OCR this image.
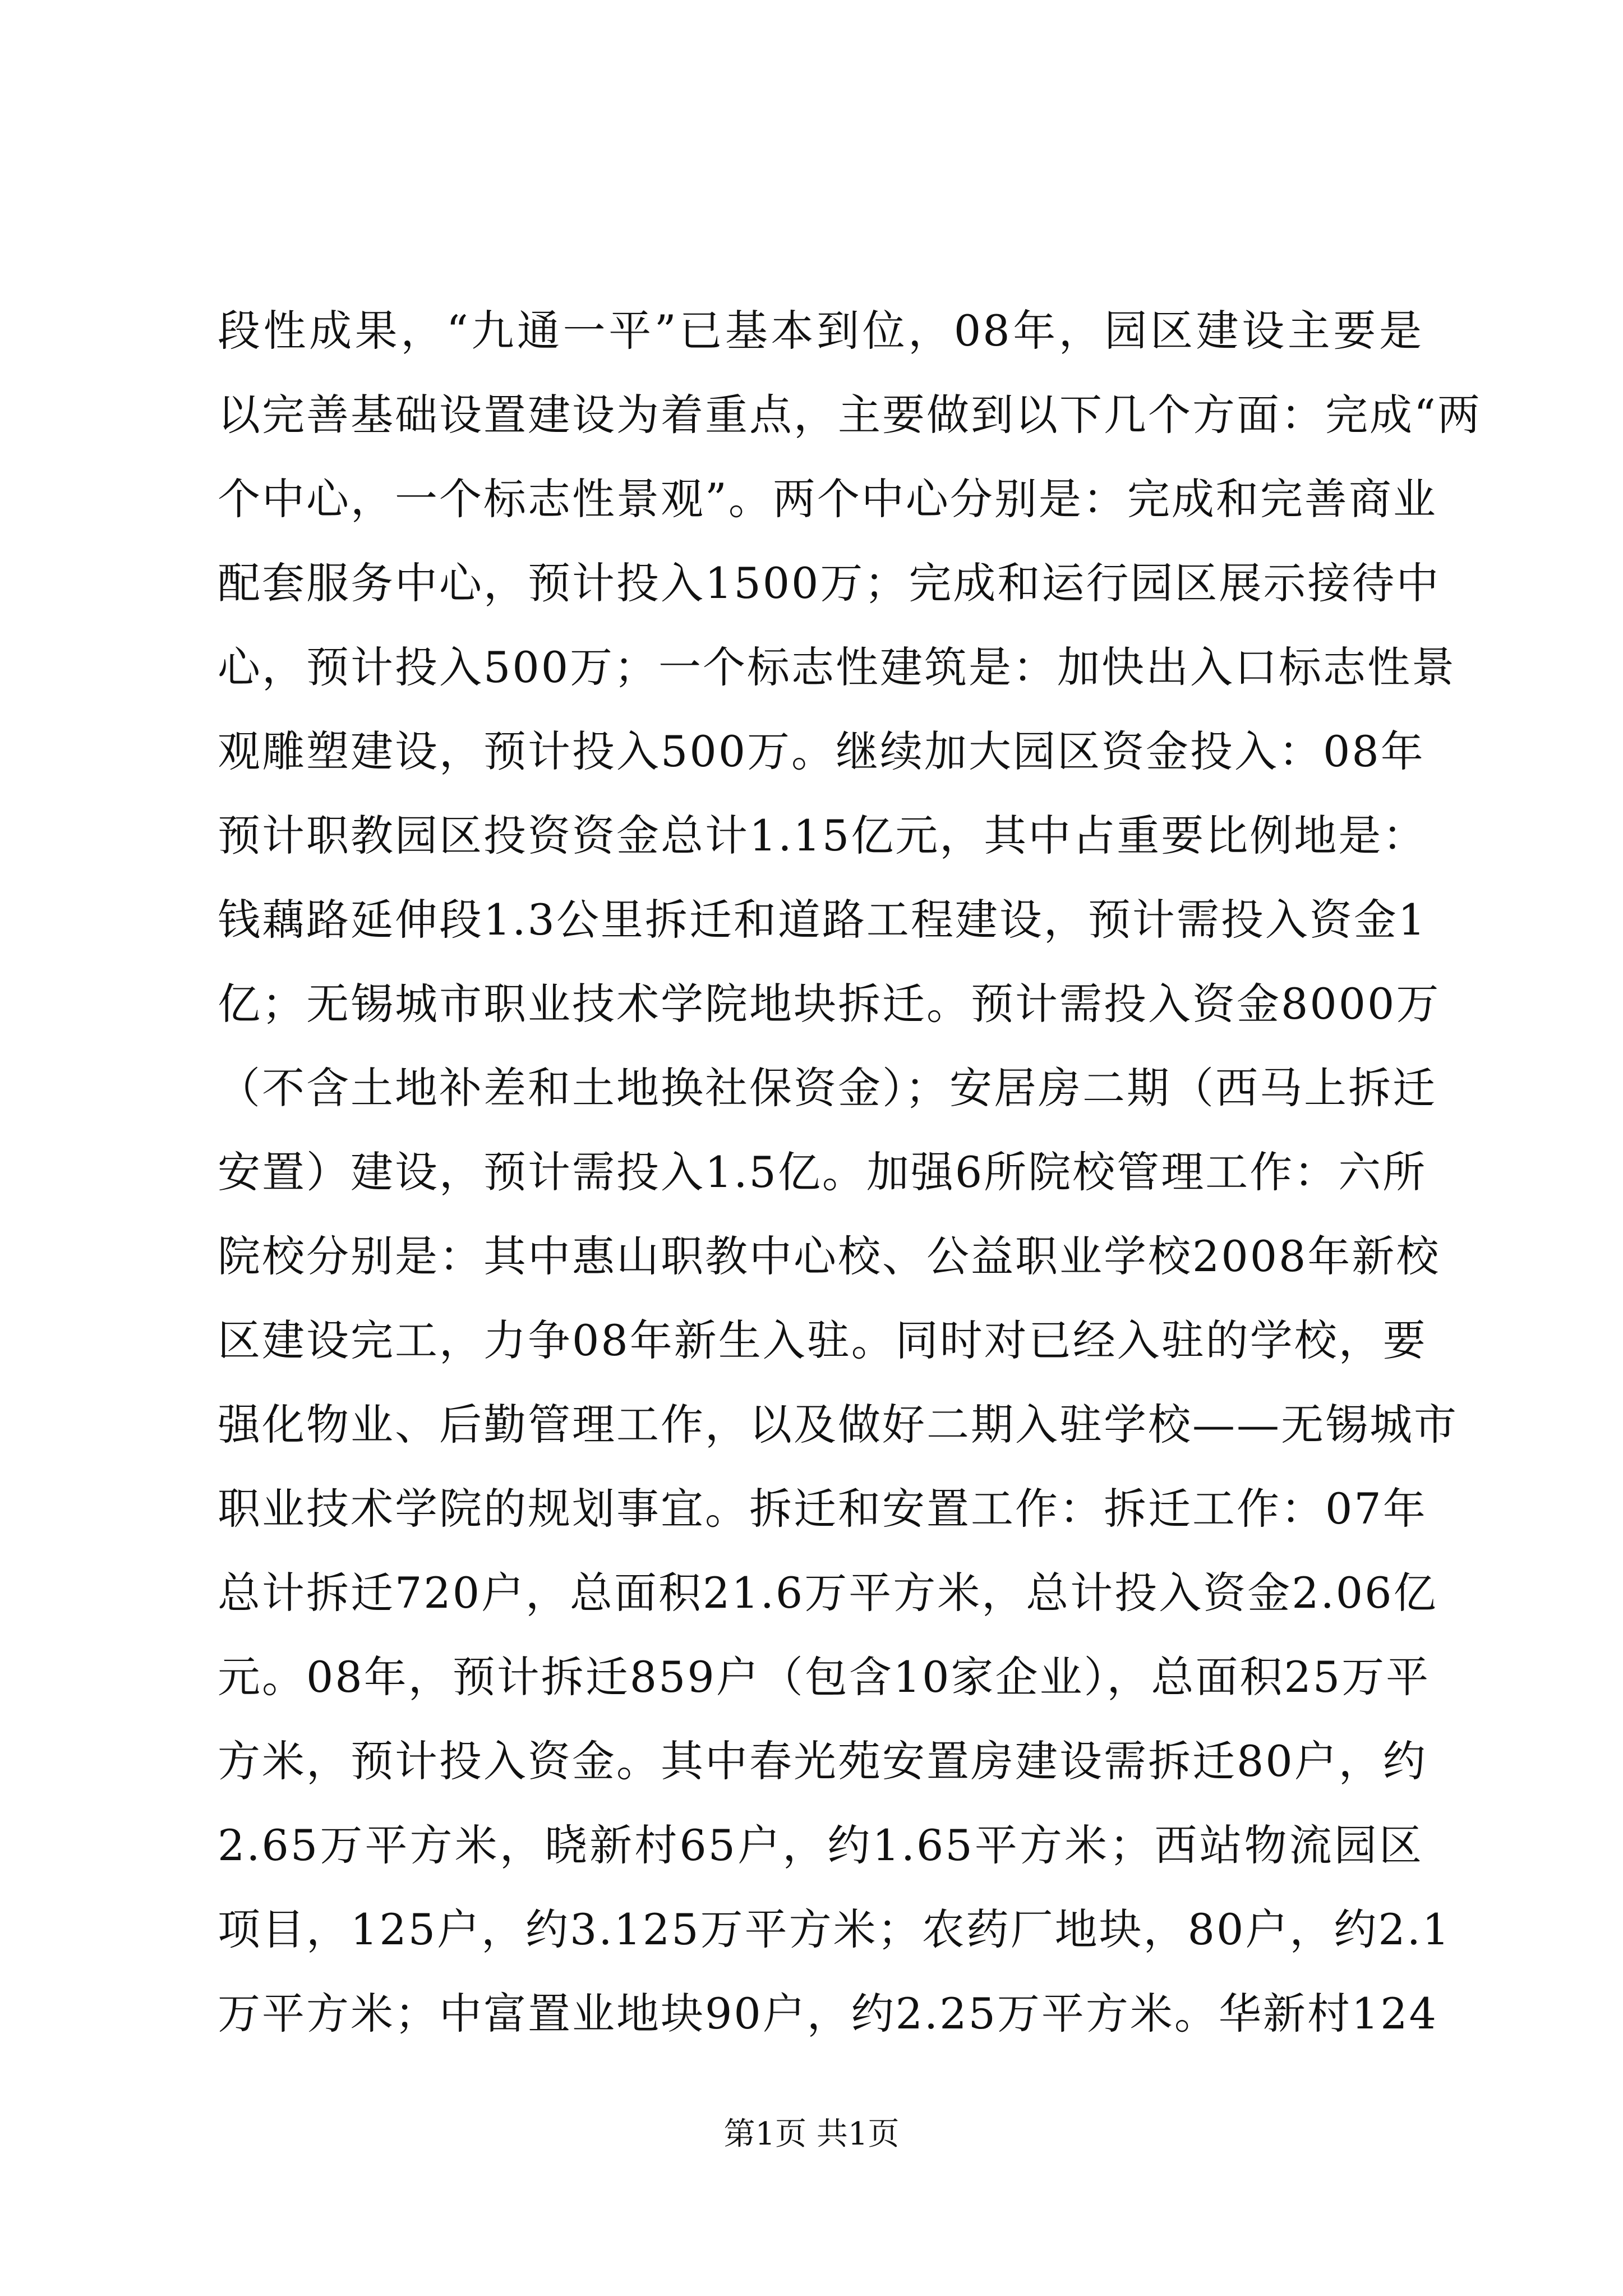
段性成果，“九通一平”已基本到位，08年，园区建设主要是
以完善基础设置建设为着重点，主要做到以下几个方面：完成“两
个中心，一个标志性景观”。两个中心分别是：完成和完善商业
配套服务中心，预计投入1500万；完成和运行园区展示接待中
心，预计投入500万；一个标志性建筑是：加快出入口标志性景
观雕塑建设，预计投入500万。继续加大园区资金投入：08年
预计职教园区投资资金总计1.15亿元，其中占重要比例地是：
钱藕路延伸段1.3公里拆迁和道路工程建设，预计需投入资金1
亿；无锡城市职业技术学院地块拆迁。预计需投入资金8000万
（不含土地补差和土地换社保资金）；安居房二期（西马上拆迁
安置）建设，预计需投入1.5亿。加强6所院校管理工作：六所
院校分别是：其中惠山职教中心校、公益职业学校2008年新校
区建设完工，力争08年新生入驻。同时对已经入驻的学校，要
强化物业、后勤管理工作，以及做好二期入驻学校——无锡城市
职业技术学院的规划事宜。拆迁和安置工作：拆迁工作：07年
总计拆迁720户，总面积21.6万平方米，总计投入资金2.06亿
元。08年，预计拆迁859户（包含10家企业），总面积25万平
方米，预计投入资金。其中春光苑安置房建设需拆迁80户，约
2.65万平方米，晓新村65户，约1.65平方米；西站物流园区
项目，125户，约3.125万平方米；农药厂地块，80户，约2.1
万平方米；中富置业地块90户，约2.25万平方米。华新村124
第1页 共1页
